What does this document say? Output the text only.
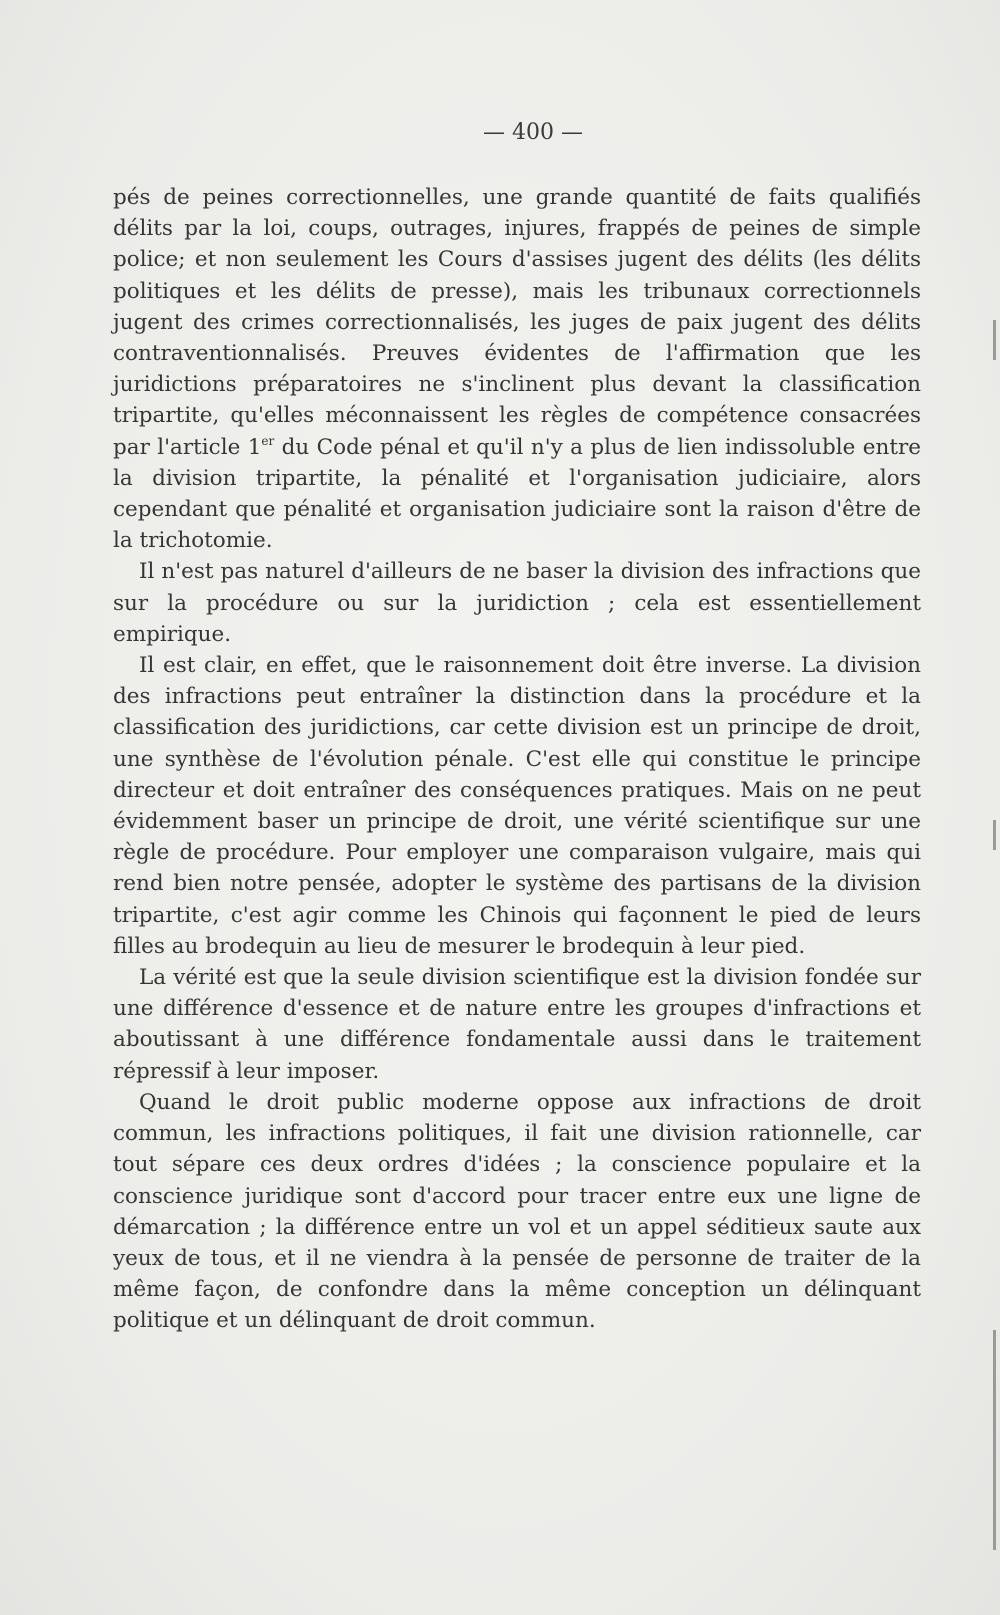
— 400 —

pés de peines correctionnelles, une grande quantité de faits qualifiés délits par la loi, coups, outrages, injures, frappés de peines de simple police; et non seulement les Cours d'assises jugent des délits (les délits politiques et les délits de presse), mais les tribunaux correctionnels jugent des crimes correctionnalisés, les juges de paix jugent des délits contraventionnalisés. Preuves évidentes de l'affirmation que les juridictions préparatoires ne s'inclinent plus devant la classification tripartite, qu'elles méconnaissent les règles de compétence consacrées par l'article 1er du Code pénal et qu'il n'y a plus de lien indissoluble entre la division tripartite, la pénalité et l'organisation judiciaire, alors cependant que pénalité et organisation judiciaire sont la raison d'être de la trichotomie.

Il n'est pas naturel d'ailleurs de ne baser la division des infractions que sur la procédure ou sur la juridiction ; cela est essentiellement empirique.

Il est clair, en effet, que le raisonnement doit être inverse. La division des infractions peut entraîner la distinction dans la procédure et la classification des juridictions, car cette division est un principe de droit, une synthèse de l'évolution pénale. C'est elle qui constitue le principe directeur et doit entraîner des conséquences pratiques. Mais on ne peut évidemment baser un principe de droit, une vérité scientifique sur une règle de procédure. Pour employer une comparaison vulgaire, mais qui rend bien notre pensée, adopter le système des partisans de la division tripartite, c'est agir comme les Chinois qui façonnent le pied de leurs filles au brodequin au lieu de mesurer le brodequin à leur pied.

La vérité est que la seule division scientifique est la division fondée sur une différence d'essence et de nature entre les groupes d'infractions et aboutissant à une différence fondamentale aussi dans le traitement répressif à leur imposer.

Quand le droit public moderne oppose aux infractions de droit commun, les infractions politiques, il fait une division rationnelle, car tout sépare ces deux ordres d'idées ; la conscience populaire et la conscience juridique sont d'accord pour tracer entre eux une ligne de démarcation ; la différence entre un vol et un appel séditieux saute aux yeux de tous, et il ne viendra à la pensée de personne de traiter de la même façon, de confondre dans la même conception un délinquant politique et un délinquant de droit commun.
